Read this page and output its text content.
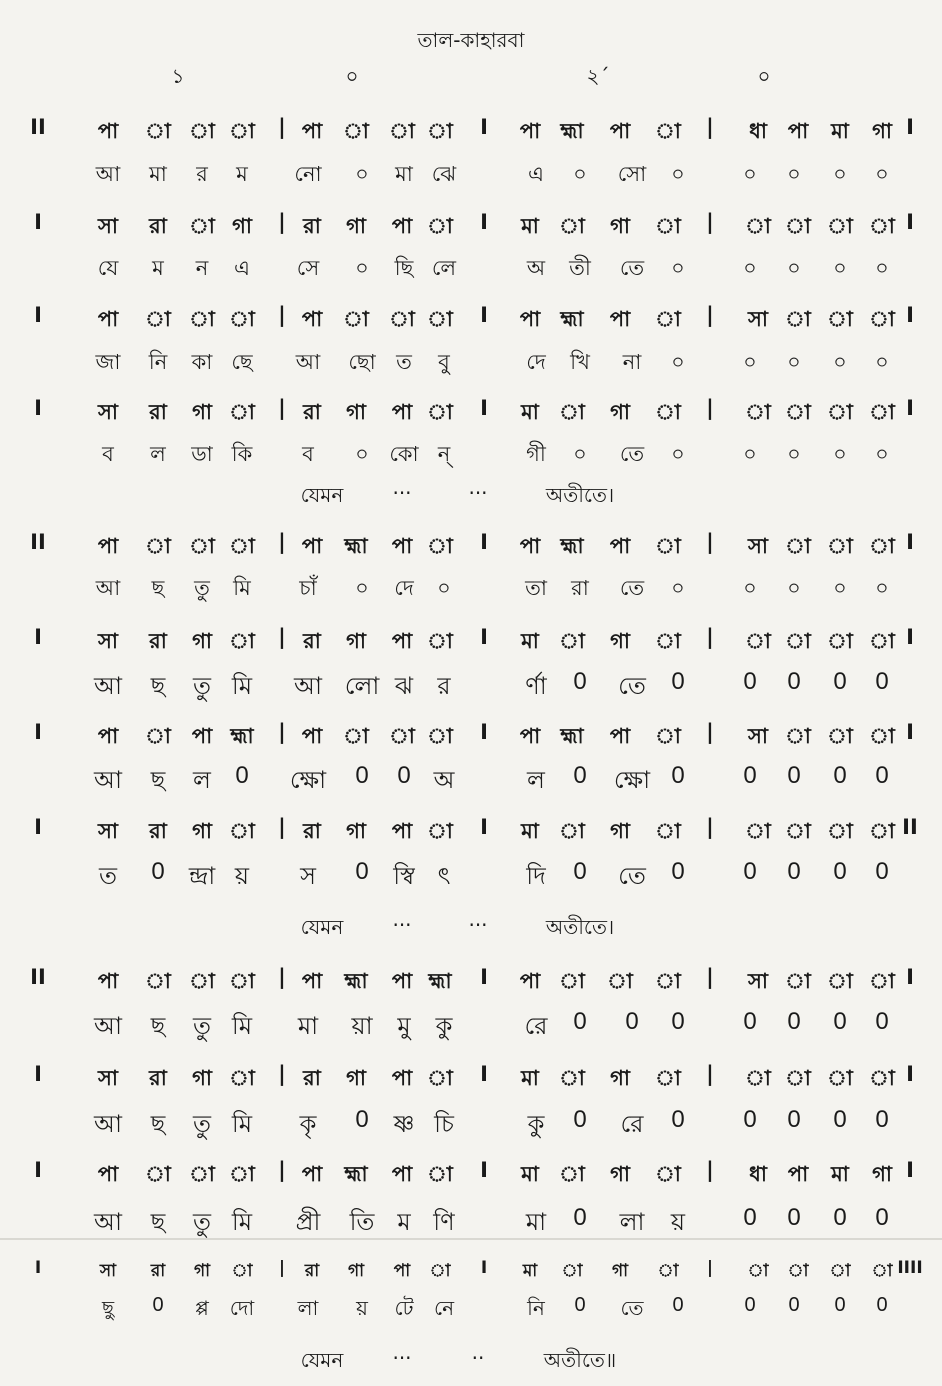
তাল-কাহারবা
১	০	২´	০
II পা া া া | পা া া া I পা হ্মা পা া | ধা পা মা গা I
আ মা র ম নো ০ মা ঝে	এ ০ সো ০	০ ০ ০ ০
I	সা রা া গা | রা গা পা া I মা া গা া | া া া া I
যে ম ন এ সে ০ ছি লে	অ তী তে ০	০ ০ ০ ০
I	পা া া া | পা া া া I পা হ্মা পা া | সা া া া I
জা নি কা ছে আ ছো ত বু	দে খি না ০	০ ০ ০ ০
I	সা রা গা া | রা গা পা া I মা া গা া | া া া া I
ব ল ডা কি ব ০ কো ন্	গী ০ তে ০	০ ০ ০ ০
যেমন ···	···	অতীতে।
II পা া া া | পা হ্মা পা া I পা হ্মা পা া | সা া া া I
আ ছ তু মি চাঁ ০ দে ০	তা রা তে ০	০ ০ ০ ০
I	সা রা গা া | রা গা পা া I মা া গা া | া া া া I
আ ছ তু মি আ লো ঝ র	র্ণা 0 তে 0 0 0 0 0
I	পা া পা হ্মা | পা া া া I পা হ্মা পা া | সা া া া I
আ ছ ল 0 ক্ষো 0 0 অ	ল 0 ক্ষো 0 0 0 0 0
I	সা রা গা া | রা গা পা া I মা া গা া | া া া া II
ত 0 ন্দ্রা য় স 0 স্বি ৎ	দি 0 তে 0 0 0 0 0
যেমন ···	···	অতীতে।
II পা া া া | পা হ্মা পা হ্মা I পা া া া | সা া া া I
আ ছ তু মি মা য়া মু কু	রে 0 0 0 0 0 0 0
I	সা রা গা া | রা গা পা া I মা া গা া | া া া া I
আ ছ তু মি কৃ 0 ষ্ণ চি	কু 0 রে 0 0 0 0 0
I	পা া া া | পা হ্মা পা া I মা া গা া | ধা পা মা গা I
আ ছ তু মি প্রী তি ম ণি	মা 0 লা য় 0 0 0 0
I	সা রা গা া | রা গা পা া I মা া গা া | া া া া IIII
ছু 0 প্প দো লা য় টে নে	নি 0 তে 0	0 0 0 0
যেমন ···	··	অতীতে॥
